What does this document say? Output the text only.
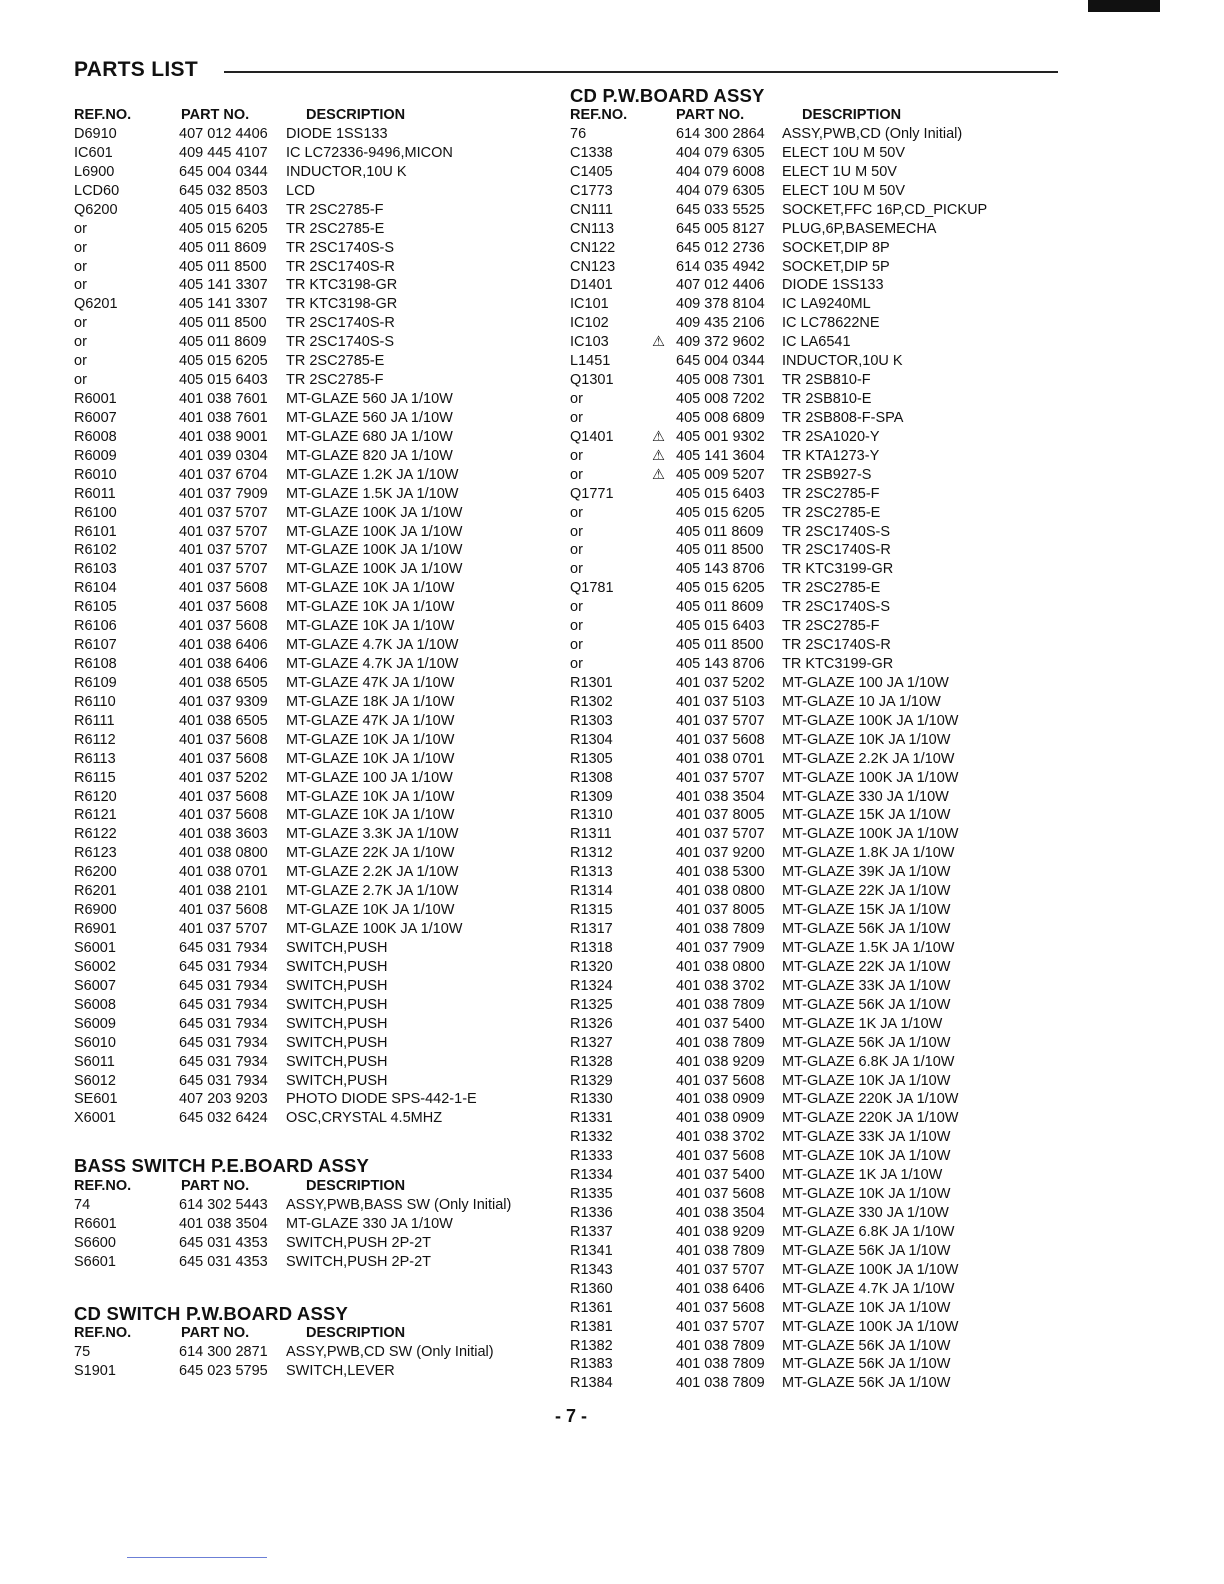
PARTS LIST
REF.NO.	PART NO.	DESCRIPTION
D6910	407 012 4406 DIODE 1SS133
IC601	409 445 4107 IC LC72336-9496,MICON
L6900	645 004 0344 INDUCTOR,10U K
LCD60	645 032 8503 LCD
Q6200	405 015 6403 TR 2SC2785-F
or	405 015 6205 TR 2SC2785-E
or	405 011 8609 TR 2SC1740S-S
or	405 011 8500 TR 2SC1740S-R
or	405 141 3307 TR KTC3198-GR
Q6201	405 141 3307 TR KTC3198-GR
or	405 011 8500 TR 2SC1740S-R
or	405 011 8609 TR 2SC1740S-S
or	405 015 6205 TR 2SC2785-E
or	405 015 6403 TR 2SC2785-F
R6001	401 038 7601 MT-GLAZE 560 JA 1/10W
R6007	401 038 7601 MT-GLAZE 560 JA 1/10W
R6008	401 038 9001 MT-GLAZE 680 JA 1/10W
R6009	401 039 0304 MT-GLAZE 820 JA 1/10W
R6010	401 037 6704 MT-GLAZE 1.2K JA 1/10W
R6011	401 037 7909 MT-GLAZE 1.5K JA 1/10W
R6100	401 037 5707 MT-GLAZE 100K JA 1/10W
R6101	401 037 5707 MT-GLAZE 100K JA 1/10W
R6102	401 037 5707 MT-GLAZE 100K JA 1/10W
R6103	401 037 5707 MT-GLAZE 100K JA 1/10W
R6104	401 037 5608 MT-GLAZE 10K JA 1/10W
R6105	401 037 5608 MT-GLAZE 10K JA 1/10W
R6106	401 037 5608 MT-GLAZE 10K JA 1/10W
R6107	401 038 6406 MT-GLAZE 4.7K JA 1/10W
R6108	401 038 6406 MT-GLAZE 4.7K JA 1/10W
R6109	401 038 6505 MT-GLAZE 47K JA 1/10W
R6110	401 037 9309 MT-GLAZE 18K JA 1/10W
R6111	401 038 6505 MT-GLAZE 47K JA 1/10W
R6112	401 037 5608 MT-GLAZE 10K JA 1/10W
R6113	401 037 5608 MT-GLAZE 10K JA 1/10W
R6115	401 037 5202 MT-GLAZE 100 JA 1/10W
R6120	401 037 5608 MT-GLAZE 10K JA 1/10W
R6121	401 037 5608 MT-GLAZE 10K JA 1/10W
R6122	401 038 3603 MT-GLAZE 3.3K JA 1/10W
R6123	401 038 0800 MT-GLAZE 22K JA 1/10W
R6200	401 038 0701 MT-GLAZE 2.2K JA 1/10W
R6201	401 038 2101 MT-GLAZE 2.7K JA 1/10W
R6900	401 037 5608 MT-GLAZE 10K JA 1/10W
R6901	401 037 5707 MT-GLAZE 100K JA 1/10W
S6001	645 031 7934 SWITCH,PUSH
S6002	645 031 7934 SWITCH,PUSH
S6007	645 031 7934 SWITCH,PUSH
S6008	645 031 7934 SWITCH,PUSH
S6009	645 031 7934 SWITCH,PUSH
S6010	645 031 7934 SWITCH,PUSH
S6011	645 031 7934 SWITCH,PUSH
S6012	645 031 7934 SWITCH,PUSH
SE601	407 203 9203 PHOTO DIODE SPS-442-1-E
X6001	645 032 6424 OSC,CRYSTAL 4.5MHZ
BASS SWITCH P.E.BOARD ASSY
REF.NO.	PART NO.	DESCRIPTION
74	614 302 5443 ASSY,PWB,BASS SW (Only Initial)
R6601	401 038 3504 MT-GLAZE 330 JA 1/10W
S6600	645 031 4353 SWITCH,PUSH 2P-2T
S6601	645 031 4353 SWITCH,PUSH 2P-2T
CD SWITCH P.W.BOARD ASSY
REF.NO.	PART NO.	DESCRIPTION
75	614 300 2871 ASSY,PWB,CD SW (Only Initial)
S1901	645 023 5795 SWITCH,LEVER
CD P.W.BOARD ASSY
REF.NO.	PART NO.	DESCRIPTION
76	614 300 2864 ASSY,PWB,CD (Only Initial)
C1338	404 079 6305 ELECT 10U M 50V
C1405	404 079 6008 ELECT 1U M 50V
C1773	404 079 6305 ELECT 10U M 50V
CN111	645 033 5525 SOCKET,FFC 16P,CD_PICKUP
CN113	645 005 8127 PLUG,6P,BASEMECHA
CN122	645 012 2736 SOCKET,DIP 8P
CN123	614 035 4942 SOCKET,DIP 5P
D1401	407 012 4406 DIODE 1SS133
IC101	409 378 8104 IC LA9240ML
IC102	409 435 2106 IC LC78622NE
IC103	⚠ 409 372 9602 IC LA6541
L1451	645 004 0344 INDUCTOR,10U K
Q1301	405 008 7301 TR 2SB810-F
or	405 008 7202 TR 2SB810-E
or	405 008 6809 TR 2SB808-F-SPA
Q1401	⚠ 405 001 9302 TR 2SA1020-Y
or	⚠ 405 141 3604 TR KTA1273-Y
or	⚠ 405 009 5207 TR 2SB927-S
Q1771	405 015 6403 TR 2SC2785-F
or	405 015 6205 TR 2SC2785-E
or	405 011 8609 TR 2SC1740S-S
or	405 011 8500 TR 2SC1740S-R
or	405 143 8706 TR KTC3199-GR
Q1781	405 015 6205 TR 2SC2785-E
or	405 011 8609 TR 2SC1740S-S
or	405 015 6403 TR 2SC2785-F
or	405 011 8500 TR 2SC1740S-R
or	405 143 8706 TR KTC3199-GR
R1301	401 037 5202 MT-GLAZE 100 JA 1/10W
R1302	401 037 5103 MT-GLAZE 10 JA 1/10W
R1303	401 037 5707 MT-GLAZE 100K JA 1/10W
R1304	401 037 5608 MT-GLAZE 10K JA 1/10W
R1305	401 038 0701 MT-GLAZE 2.2K JA 1/10W
R1308	401 037 5707 MT-GLAZE 100K JA 1/10W
R1309	401 038 3504 MT-GLAZE 330 JA 1/10W
R1310	401 037 8005 MT-GLAZE 15K JA 1/10W
R1311	401 037 5707 MT-GLAZE 100K JA 1/10W
R1312	401 037 9200 MT-GLAZE 1.8K JA 1/10W
R1313	401 038 5300 MT-GLAZE 39K JA 1/10W
R1314	401 038 0800 MT-GLAZE 22K JA 1/10W
R1315	401 037 8005 MT-GLAZE 15K JA 1/10W
R1317	401 038 7809 MT-GLAZE 56K JA 1/10W
R1318	401 037 7909 MT-GLAZE 1.5K JA 1/10W
R1320	401 038 0800 MT-GLAZE 22K JA 1/10W
R1324	401 038 3702 MT-GLAZE 33K JA 1/10W
R1325	401 038 7809 MT-GLAZE 56K JA 1/10W
R1326	401 037 5400 MT-GLAZE 1K JA 1/10W
R1327	401 038 7809 MT-GLAZE 56K JA 1/10W
R1328	401 038 9209 MT-GLAZE 6.8K JA 1/10W
R1329	401 037 5608 MT-GLAZE 10K JA 1/10W
R1330	401 038 0909 MT-GLAZE 220K JA 1/10W
R1331	401 038 0909 MT-GLAZE 220K JA 1/10W
R1332	401 038 3702 MT-GLAZE 33K JA 1/10W
R1333	401 037 5608 MT-GLAZE 10K JA 1/10W
R1334	401 037 5400 MT-GLAZE 1K JA 1/10W
R1335	401 037 5608 MT-GLAZE 10K JA 1/10W
R1336	401 038 3504 MT-GLAZE 330 JA 1/10W
R1337	401 038 9209 MT-GLAZE 6.8K JA 1/10W
R1341	401 038 7809 MT-GLAZE 56K JA 1/10W
R1343	401 037 5707 MT-GLAZE 100K JA 1/10W
R1360	401 038 6406 MT-GLAZE 4.7K JA 1/10W
R1361	401 037 5608 MT-GLAZE 10K JA 1/10W
R1381	401 037 5707 MT-GLAZE 100K JA 1/10W
R1382	401 038 7809 MT-GLAZE 56K JA 1/10W
R1383	401 038 7809 MT-GLAZE 56K JA 1/10W
R1384	401 038 7809 MT-GLAZE 56K JA 1/10W
- 7 -
